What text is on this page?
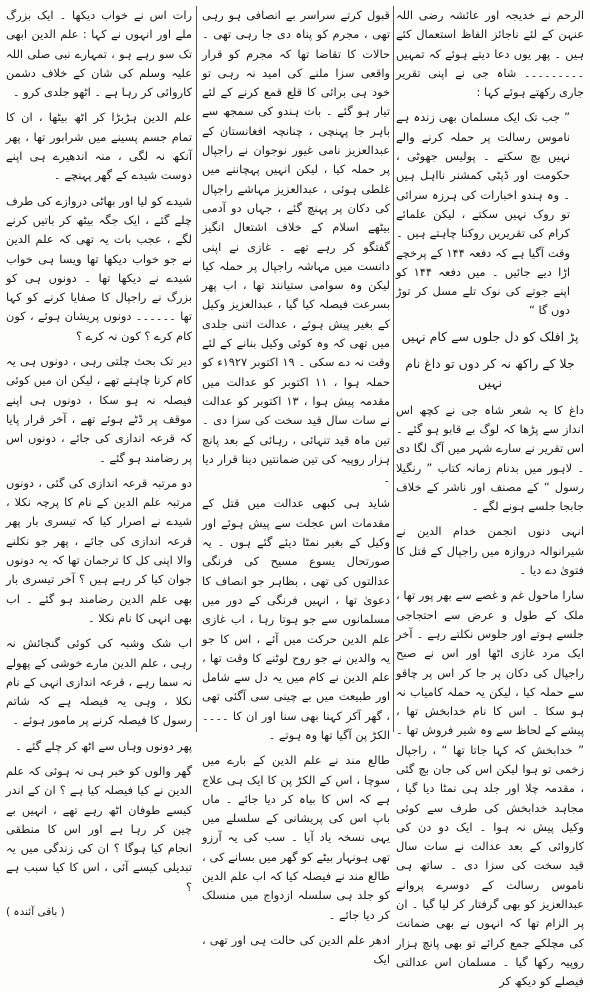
الرحم نے خدیجہ اور عائشہ رضی اللہ عنہن کے لئے ناجائز الفاظ استعمال کئے ہیں ۔ پھر یوں دعا دیتے ہوئے کہ تمہیں ۔۔۔۔۔۔۔۔۔ شاہ جی نے اپنی تقریر جاری رکھتے ہوئے کہا :

” جب تک ایک مسلمان بھی زندہ ہے ناموس رسالت پر حملہ کرنے والے نہیں بچ سکتے ۔ پولیس جھوٹی ، حکومت اور ڈپٹی کمشنر نااہل ہیں ۔ وہ ہندو اخبارات کی ہرزہ سرائی تو روک نہیں سکتے ، لیکن علمائے کرام کی تقریریں روکنا چاہتے ہیں ۔ وقت آگیا ہے کہ دفعہ ۱۴۴ کے پرخچے اڑا دیے جائیں ۔ میں دفعہ ۱۴۴ کو اپنے جوتے کی نوک تلے مسل کر توڑ دوں گا “

پڑ افلک کو دل جلوں سے کام نہیں

جلا کے راکھ نہ کر دوں تو داغ نام نہیں

داغ کا یہ شعر شاہ جی نے کچھ اس انداز سے پڑھا کہ لوگ بے قابو ہو گئے ۔ اس تقریر نے سارے شہر میں آگ لگا دی ۔ لاہور میں بدنام زمانہ کتاب ” رنگیلا رسول “ کے مصنف اور ناشر کے خلاف جابجا جلسے ہونے لگے ۔

انہی دنوں انجمن خدام الدین نے شیرانوالہ دروازہ میں راجپال کے قتل کا فتویٰ دے دیا ۔

سارا ماحول غم و غصے سے بھر پور تھا ، ملک کے طول و عرض سے احتجاجی جلسے ہوتے اور جلوس نکلتے رہے ۔ آخر ایک مرد غازی اٹھا اور اس نے صبح راجپال کی دکان پر جا کر اس پر چاقو سے حملہ کیا ، لیکن یہ حملہ کامیاب نہ ہو سکا ۔ اس کا نام خدابخش تھا ، پیشے کے لحاظ سے وہ شیر فروش تھا ۔ ” خدابخش کہ کہا جاتا تھا “ ، راجپال زخمی تو ہوا لیکن اس کی جان بچ گئی ، مقدمہ چلا اور جلد ہی نمٹا دیا گیا ، مجاہد خدابخش کی طرف سے کوئی وکیل پیش نہ ہوا ۔ ایک دو دن کی کاروائی کے بعد عدالت نے سات سال قید سخت کی سزا دی ۔ ساتھ ہی ناموس رسالت کے دوسرے پروانے عبدالعزیز کو بھی گرفتار کر لیا گیا ۔ ان پر الزام تھا کہ انہوں نے بھی ضمانت کی مچلکے جمع کرائے تو بھی پانچ ہزار روپیہ رکھا گیا ۔ مسلمان اس عدالتی فیصلے کو دیکھ کر

قبول کرتے سراسر بے انصافی ہو رہی تھی ، مجرم کو پناہ دی جا رہی تھی ۔ حالات کا تقاضا تھا کہ مجرم کو قرار واقعی سزا ملنے کی امید نہ رہی تو خود ہی برائی کا قلع قمع کرنے کے لئے تیار ہو گئے ۔ بات ہندو کی سمجھ سے باہر جا پہنچی ، چنانچہ افغانستان کے عبدالعزیز نامی غیور نوجوان نے راجپال پر حملہ کیا ، لیکن انہیں پہچاننے میں غلطی ہوئی ، عبدالعزیز مہاشے راجپال کی دکان پر پہنچ گئے ، جہاں دو آدمی بیٹھے اسلام کے خلاف اشتعال انگیز گفتگو کر رہے تھے ۔ غازی نے اپنی دانست میں مہاشہ راجپال پر حملہ کیا لیکن وہ سوامی ستیانند تھا ، اب پھر بسرعت فیصلہ کیا گیا ، عبدالعزیز وکیل کے بغیر پیش ہوئے ، عدالت اتنی جلدی میں تھی کہ وہ کوئی وکیل بنانے کے لئے وقت نہ دے سکی ۔ ۱۹ اکتوبر ۱۹۲۷ء کو حملہ ہوا ، ۱۱ اکتوبر کو عدالت میں مقدمہ پیش ہوا ، ۱۳ اکتوبر کو عدالت نے سات سال قید سخت کی سزا دی ۔ تین ماہ قید تنہائی ، رہائی کے بعد پانچ ہزار روپیہ کی تین ضمانتیں دینا قرار دیا ۔

شاید ہی کبھی عدالت میں قتل کے مقدمات اس عجلت سے پیش ہوئے اور وکیل کے بغیر نمٹا دیئے گئے ہوں ۔ یہ صورتحال یسوع مسیح کی فرنگی عدالتوں کی تھی ، بظاہر جو انصاف کا دعویٰ تھا ، انہیں فرنگی کے دور میں مسلمانوں سے جو ہوتا رہا ، اب غازی علم الدین حرکت میں آئے ، اس کا جو یہ والدین نے جو روح لوٹنے کا وقت تھا ، علم الدین نے کام میں یہ دل سے شامل اور طبیعت میں بے چینی سی آگئی تھی ، گھر آکر کہنا بھی سنا اور ان کا ۔۔۔۔ الکڑ پن آگیا تھا وہ ہوتے ۔

طالع مند نے علم الدین کے بارے میں سوچا ، اس کے الکڑ پن کا ایک ہی علاج ہے کہ اس کا بیاہ کر دیا جائے ۔ ماں باپ اس کی پریشانی کے سلسلے میں یہی نسخہ یاد آیا ۔ سب کی یہ آرزو تھی ہونہار بیٹے کو گھر میں بسانے کی ، طالع مند نے فیصلہ کیا کہ اب علم الدین کو جلد ہی سلسلہ ازدواج میں منسلک کر دیا جائے ۔

ادھر علم الدین کی حالت ہی اور تھی ، ایک

رات اس نے خواب دیکھا ۔ ایک بزرگ ملے اور انہوں نے کہا : علم الدین ابھی تک سو رہے ہو ، تمہارے نبی صلی اللہ علیہ وسلم کی شان کے خلاف دشمن کاروائی کر رہا ہے ۔ اٹھو جلدی کرو ۔

علم الدین ہڑبڑا کر اٹھ بیٹھا ، ان کا تمام جسم پسینے میں شرابور تھا ، پھر آنکھ نہ لگی ، منہ اندھیرے ہی اپنے دوست شیدے کے گھر پہنچے ۔

شیدے کو لیا اور بھاٹی دروازے کی طرف چلے گئے ، ایک جگہ بیٹھ کر باتیں کرنے لگے ، عجب بات یہ تھی کہ علم الدین نے جو خواب دیکھا تھا ویسا ہی خواب شیدے نے دیکھا تھا ۔ دونوں ہی کو بزرگ نے راجپال کا صفایا کرنے کو کہا تھا ۔۔۔۔۔۔ دونوں پریشان ہوئے ، کون کام کرے ؟ کون نہ کرے ؟

دیر تک بحث چلتی رہی ، دونوں ہی یہ کام کرنا چاہتے تھے ، لیکن ان میں کوئی فیصلہ نہ ہو سکا ، دونوں ہی اپنے موقف پر ڈٹے ہوئے تھے ، آخر قرار پایا کہ قرعہ اندازی کی جائے ، دونوں اس پر رضامند ہو گئے ۔

دو مرتبہ قرعہ اندازی کی گئی ، دونوں مرتبہ علم الدین کے نام کا پرچہ نکلا ، شیدے نے اصرار کیا کہ تیسری بار پھر قرعہ اندازی کی جائے ، پھر جو نکلنے والا اپنی کل کا ترجمان تھا کہ یہ دونوں جوان کیا کر رہے ہیں ؟ آخر تیسری بار بھی علم الدین رضامند ہو گئے ۔ اب بھی انہی کا نام نکلا ۔

اب شک وشبہ کی کوئی گنجائش نہ رہی ، علم الدین مارے خوشی کے پھولے نہ سما رہے ، قرعہ اندازی انہی کے نام نکلا ، وہی یہ فیصلہ ہے کہ شاتم رسول کا فیصلہ کرنے پر مامور ہوئے ۔

پھر دونوں وہاں سے اٹھ کر چلے گئے ۔

گھر والوں کو خبر ہی نہ ہوئی کہ علم الدین نے کیا فیصلہ کیا ہے ؟ ان کے اندر کیسے طوفان اٹھ رہے تھے ، انہیں بے چین کر رہا ہے اور اس کا منطقی انجام کیا ہوگا ؟ ان کی زندگی میں یہ تبدیلی کیسے آئی ، اس کا کیا سبب ہے ؟

( باقی آئندہ )
